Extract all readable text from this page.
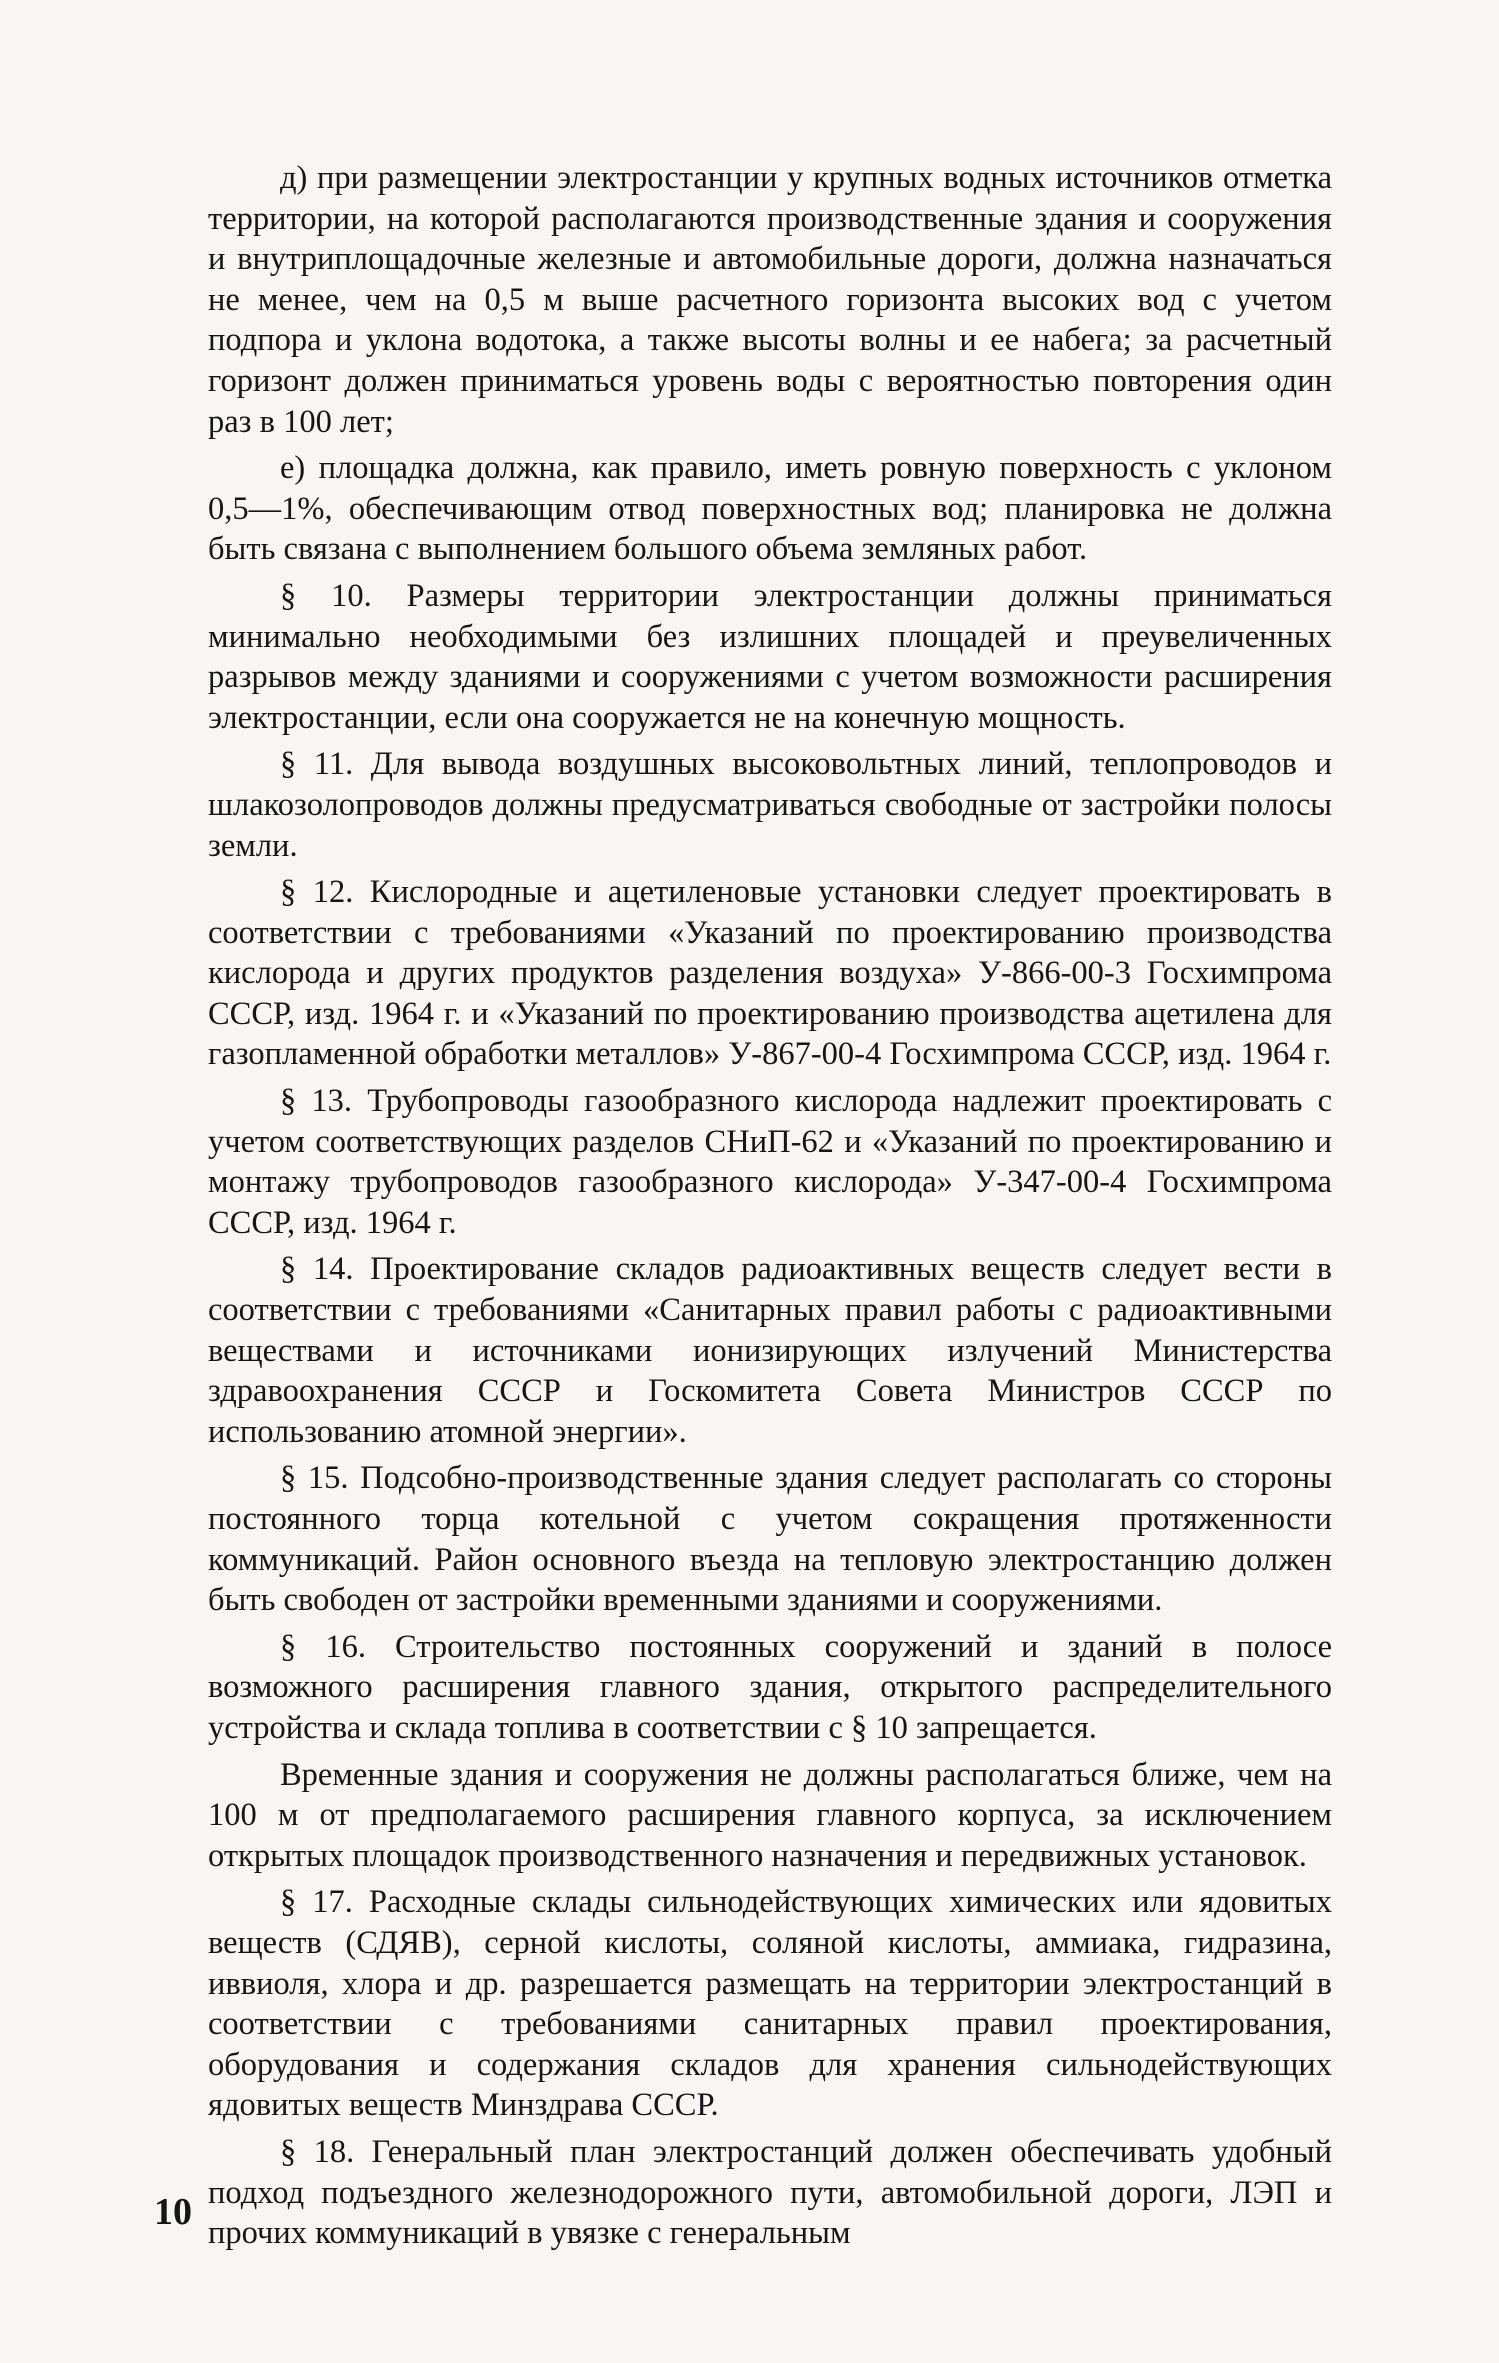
д) при размещении электростанции у крупных водных источников отметка территории, на которой располагаются производственные здания и сооружения и внутриплощадочные железные и автомобильные дороги, должна назначаться не менее, чем на 0,5 м выше расчетного горизонта высоких вод с учетом подпора и уклона водотока, а также высоты волны и ее набега; за расчетный горизонт должен приниматься уровень воды с вероятностью повторения один раз в 100 лет;

е) площадка должна, как правило, иметь ровную поверхность с уклоном 0,5—1%, обеспечивающим отвод поверхностных вод; планировка не должна быть связана с выполнением большого объема земляных работ.

§ 10. Размеры территории электростанции должны приниматься минимально необходимыми без излишних площадей и преувеличенных разрывов между зданиями и сооружениями с учетом возможности расширения электростанции, если она сооружается не на конечную мощность.

§ 11. Для вывода воздушных высоковольтных линий, теплопроводов и шлакозолопроводов должны предусматриваться свободные от застройки полосы земли.

§ 12. Кислородные и ацетиленовые установки следует проектировать в соответствии с требованиями «Указаний по проектированию производства кислорода и других продуктов разделения воздуха» У-866-00-3 Госхимпрома СССР, изд. 1964 г. и «Указаний по проектированию производства ацетилена для газопламенной обработки металлов» У-867-00-4 Госхимпрома СССР, изд. 1964 г.

§ 13. Трубопроводы газообразного кислорода надлежит проектировать с учетом соответствующих разделов СНиП-62 и «Указаний по проектированию и монтажу трубопроводов газообразного кислорода» У-347-00-4 Госхимпрома СССР, изд. 1964 г.

§ 14. Проектирование складов радиоактивных веществ следует вести в соответствии с требованиями «Санитарных правил работы с радиоактивными веществами и источниками ионизирующих излучений Министерства здравоохранения СССР и Госкомитета Совета Министров СССР по использованию атомной энергии».

§ 15. Подсобно-производственные здания следует располагать со стороны постоянного торца котельной с учетом сокращения протяженности коммуникаций. Район основного въезда на тепловую электростанцию должен быть свободен от застройки временными зданиями и сооружениями.

§ 16. Строительство постоянных сооружений и зданий в полосе возможного расширения главного здания, открытого распределительного устройства и склада топлива в соответствии с § 10 запрещается.

Временные здания и сооружения не должны располагаться ближе, чем на 100 м от предполагаемого расширения главного корпуса, за исключением открытых площадок производственного назначения и передвижных установок.

§ 17. Расходные склады сильнодействующих химических или ядовитых веществ (СДЯВ), серной кислоты, соляной кислоты, аммиака, гидразина, иввиоля, хлора и др. разрешается размещать на территории электростанций в соответствии с требованиями санитарных правил проектирования, оборудования и содержания складов для хранения сильнодействующих ядовитых веществ Минздрава СССР.

§ 18. Генеральный план электростанций должен обеспечивать удобный подход подъездного железнодорожного пути, автомобильной дороги, ЛЭП и прочих коммуникаций в увязке с генеральным

10
